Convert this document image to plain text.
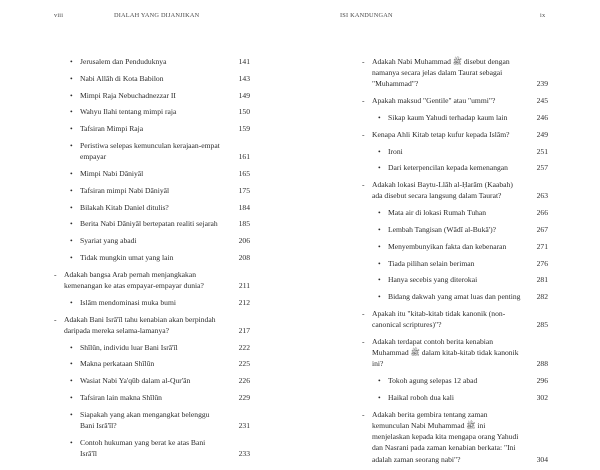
viii	DIALAH YANG DIJANJIKAN
• Jerusalem dan Penduduknya	141
• Nabi Allāh di Kota Babilon	143
• Mimpi Raja Nebuchadnezzar II	149
• Wahyu Ilahi tentang mimpi raja	150
• Tafsiran Mimpi Raja	159
• Peristiwa selepas kemunculan kerajaan-empat empayar	161
• Mimpi Nabi Dāniyāl	165
• Tafsiran mimpi Nabi Dāniyāl	175
• Bilakah Kitab Daniel ditulis?	184
• Berita Nabi Dāniyāl bertepatan realiti sejarah	185
• Syariat yang abadi	206
• Tidak mungkin umat yang lain	208
- Adakah bangsa Arab pernah menjangkakan kemenangan ke atas empayar-empayar dunia?	211
• Islām mendominasi muka bumi	212
- Adakah Bani Isrā'īl tahu kenabian akan berpindah daripada mereka selama-lamanya?	217
• Shīlūn, individu luar Bani Isrā'īl	222
• Makna perkataan Shīlūn	225
• Wasiat Nabi Ya'qūb dalam al-Qur'ān	226
• Tafsiran lain makna Shīlūn	229
• Siapakah yang akan mengangkat belenggu Bani Isrā'īl?	231
• Contoh hukuman yang berat ke atas Bani Isrā'īl	233
ISI KANDUNGAN	ix
- Adakah Nabi Muhammad ﷺ disebut dengan namanya secara jelas dalam Taurat sebagai "Muhammad"?	239
- Apakah maksud "Gentile" atau "ummi"?	245
• Sikap kaum Yahudi terhadap kaum lain	246
- Kenapa Ahli Kitab tetap kufur kepada Islām?	249
• Ironi	251
• Dari keterpencilan kepada kemenangan	257
- Adakah lokasi Baytu-Llāh al-Ḥarām (Kaabah) ada disebut secara langsung dalam Taurat?	263
• Mata air di lokasi Rumah Tuhan	266
• Lembah Tangisan (Wādī al-Bukā')?	267
• Menyembunyikan fakta dan kebenaran	271
• Tiada pilihan selain beriman	276
• Hanya secebis yang diterokai	281
• Bidang dakwah yang amat luas dan penting	282
- Apakah itu "kitab-kitab tidak kanonik (non-canonical scriptures)"?	285
- Adakah terdapat contoh berita kenabian Muhammad ﷺ dalam kitab-kitab tidak kanonik ini?	288
• Tokoh agung selepas 12 abad	296
• Haikal roboh dua kali	302
- Adakah berita gembira tentang zaman kemunculan Nabi Muhammad ﷺ ini menjelaskan kepada kita mengapa orang Yahudi dan Nasrani pada zaman kenabian berkata: "Ini adalah zaman seorang nabi"?	304
